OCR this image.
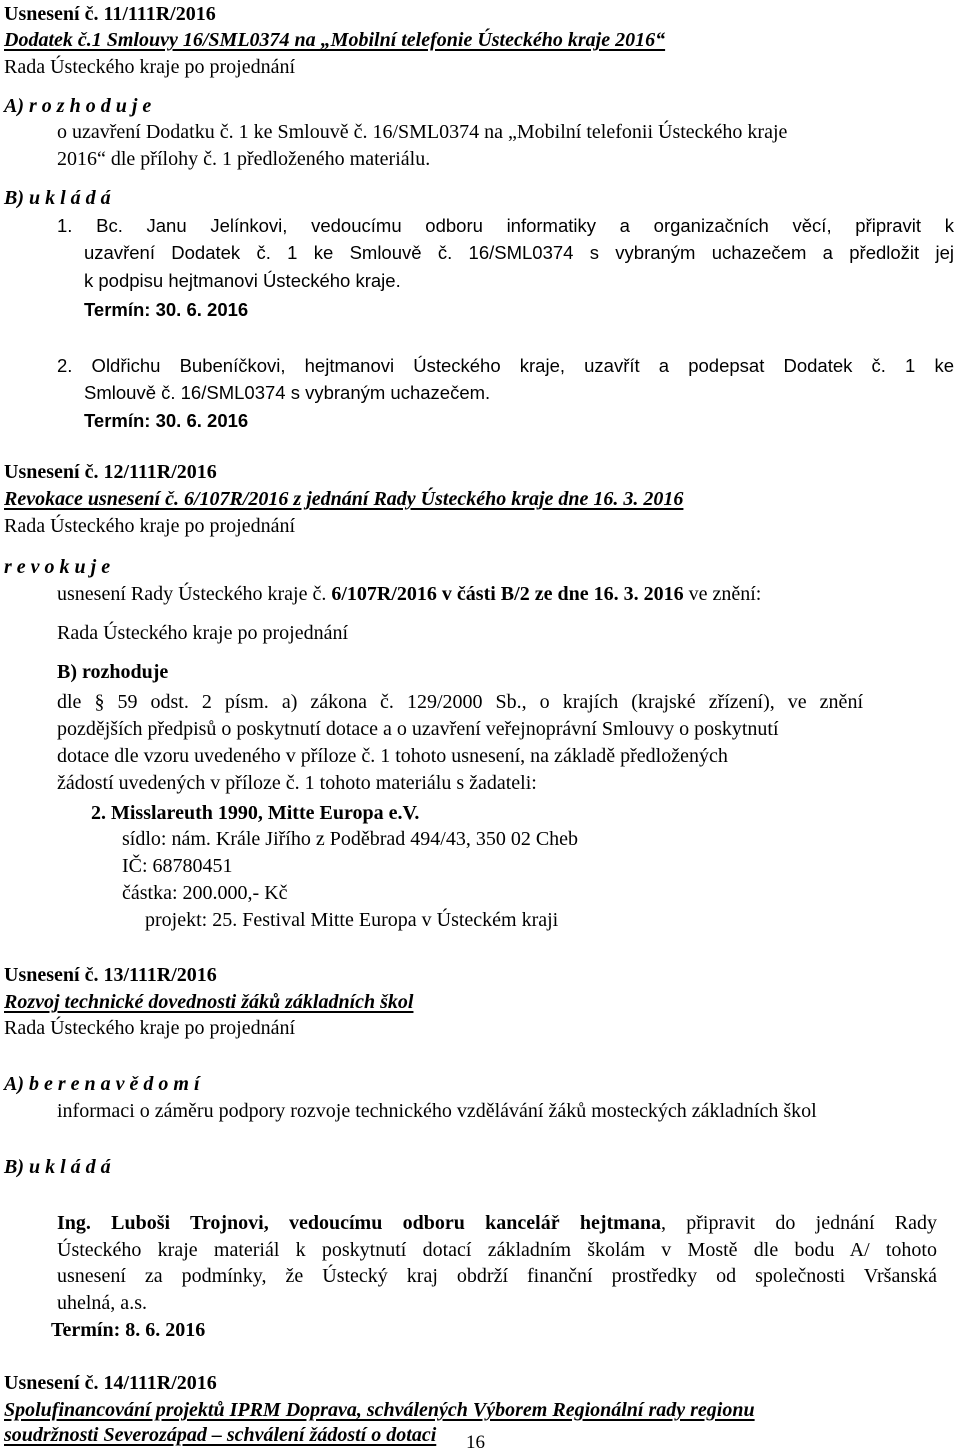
Usnesení č. 11/111R/2016
Dodatek č.1 Smlouvy 16/SML0374 na „Mobilní telefonie Ústeckého kraje 2016“
Rada Ústeckého kraje po projednání
A) r o z h o d u j e
o uzavření Dodatku č. 1 ke Smlouvě č. 16/SML0374 na „Mobilní telefonii Ústeckého kraje
2016“ dle přílohy č. 1 předloženého materiálu.
B) u k l á d á
1. Bc. Janu Jelínkovi, vedoucímu odboru informatiky a organizačních věcí, připravit k
uzavření Dodatek č. 1 ke Smlouvě č. 16/SML0374 s vybraným uchazečem a předložit jej
k podpisu hejtmanovi Ústeckého kraje.
Termín: 30. 6. 2016
2. Oldřichu Bubeníčkovi, hejtmanovi Ústeckého kraje, uzavřít a podepsat Dodatek č. 1 ke
Smlouvě č. 16/SML0374 s vybraným uchazečem.
Termín: 30. 6. 2016
Usnesení č. 12/111R/2016
Revokace usnesení č. 6/107R/2016 z jednání Rady Ústeckého kraje dne 16. 3. 2016
Rada Ústeckého kraje po projednání
r e v o k u j e
usnesení Rady Ústeckého kraje č. 6/107R/2016 v části B/2 ze dne 16. 3. 2016 ve znění:
Rada Ústeckého kraje po projednání
B) rozhoduje
dle § 59 odst. 2 písm. a) zákona č. 129/2000 Sb., o krajích (krajské zřízení), ve znění
pozdějších předpisů o poskytnutí dotace a o uzavření veřejnoprávní Smlouvy o poskytnutí
dotace dle vzoru uvedeného v příloze č. 1 tohoto usnesení, na základě předložených
žádostí uvedených v příloze č. 1 tohoto materiálu s žadateli:
2. Misslareuth 1990, Mitte Europa e.V.
sídlo: nám. Krále Jiřího z Poděbrad 494/43, 350 02 Cheb
IČ: 68780451
částka: 200.000,- Kč
projekt: 25. Festival Mitte Europa v Ústeckém kraji
Usnesení č. 13/111R/2016
Rozvoj technické dovednosti žáků základních škol
Rada Ústeckého kraje po projednání
A) b e r e n a v ě d o m í
informaci o záměru podpory rozvoje technického vzdělávání žáků mosteckých základních škol
B) u k l á d á
Ing. Luboši Trojnovi, vedoucímu odboru kancelář hejtmana, připravit do jednání Rady
Ústeckého kraje materiál k poskytnutí dotací základním školám v Mostě dle bodu A/ tohoto
usnesení za podmínky, že Ústecký kraj obdrží finanční prostředky od společnosti Vršanská
uhelná, a.s.
Termín: 8. 6. 2016
Usnesení č. 14/111R/2016
Spolufinancování projektů IPRM Doprava, schválených Výborem Regionální rady regionu
soudržnosti Severozápad – schválení žádostí o dotaci 16
